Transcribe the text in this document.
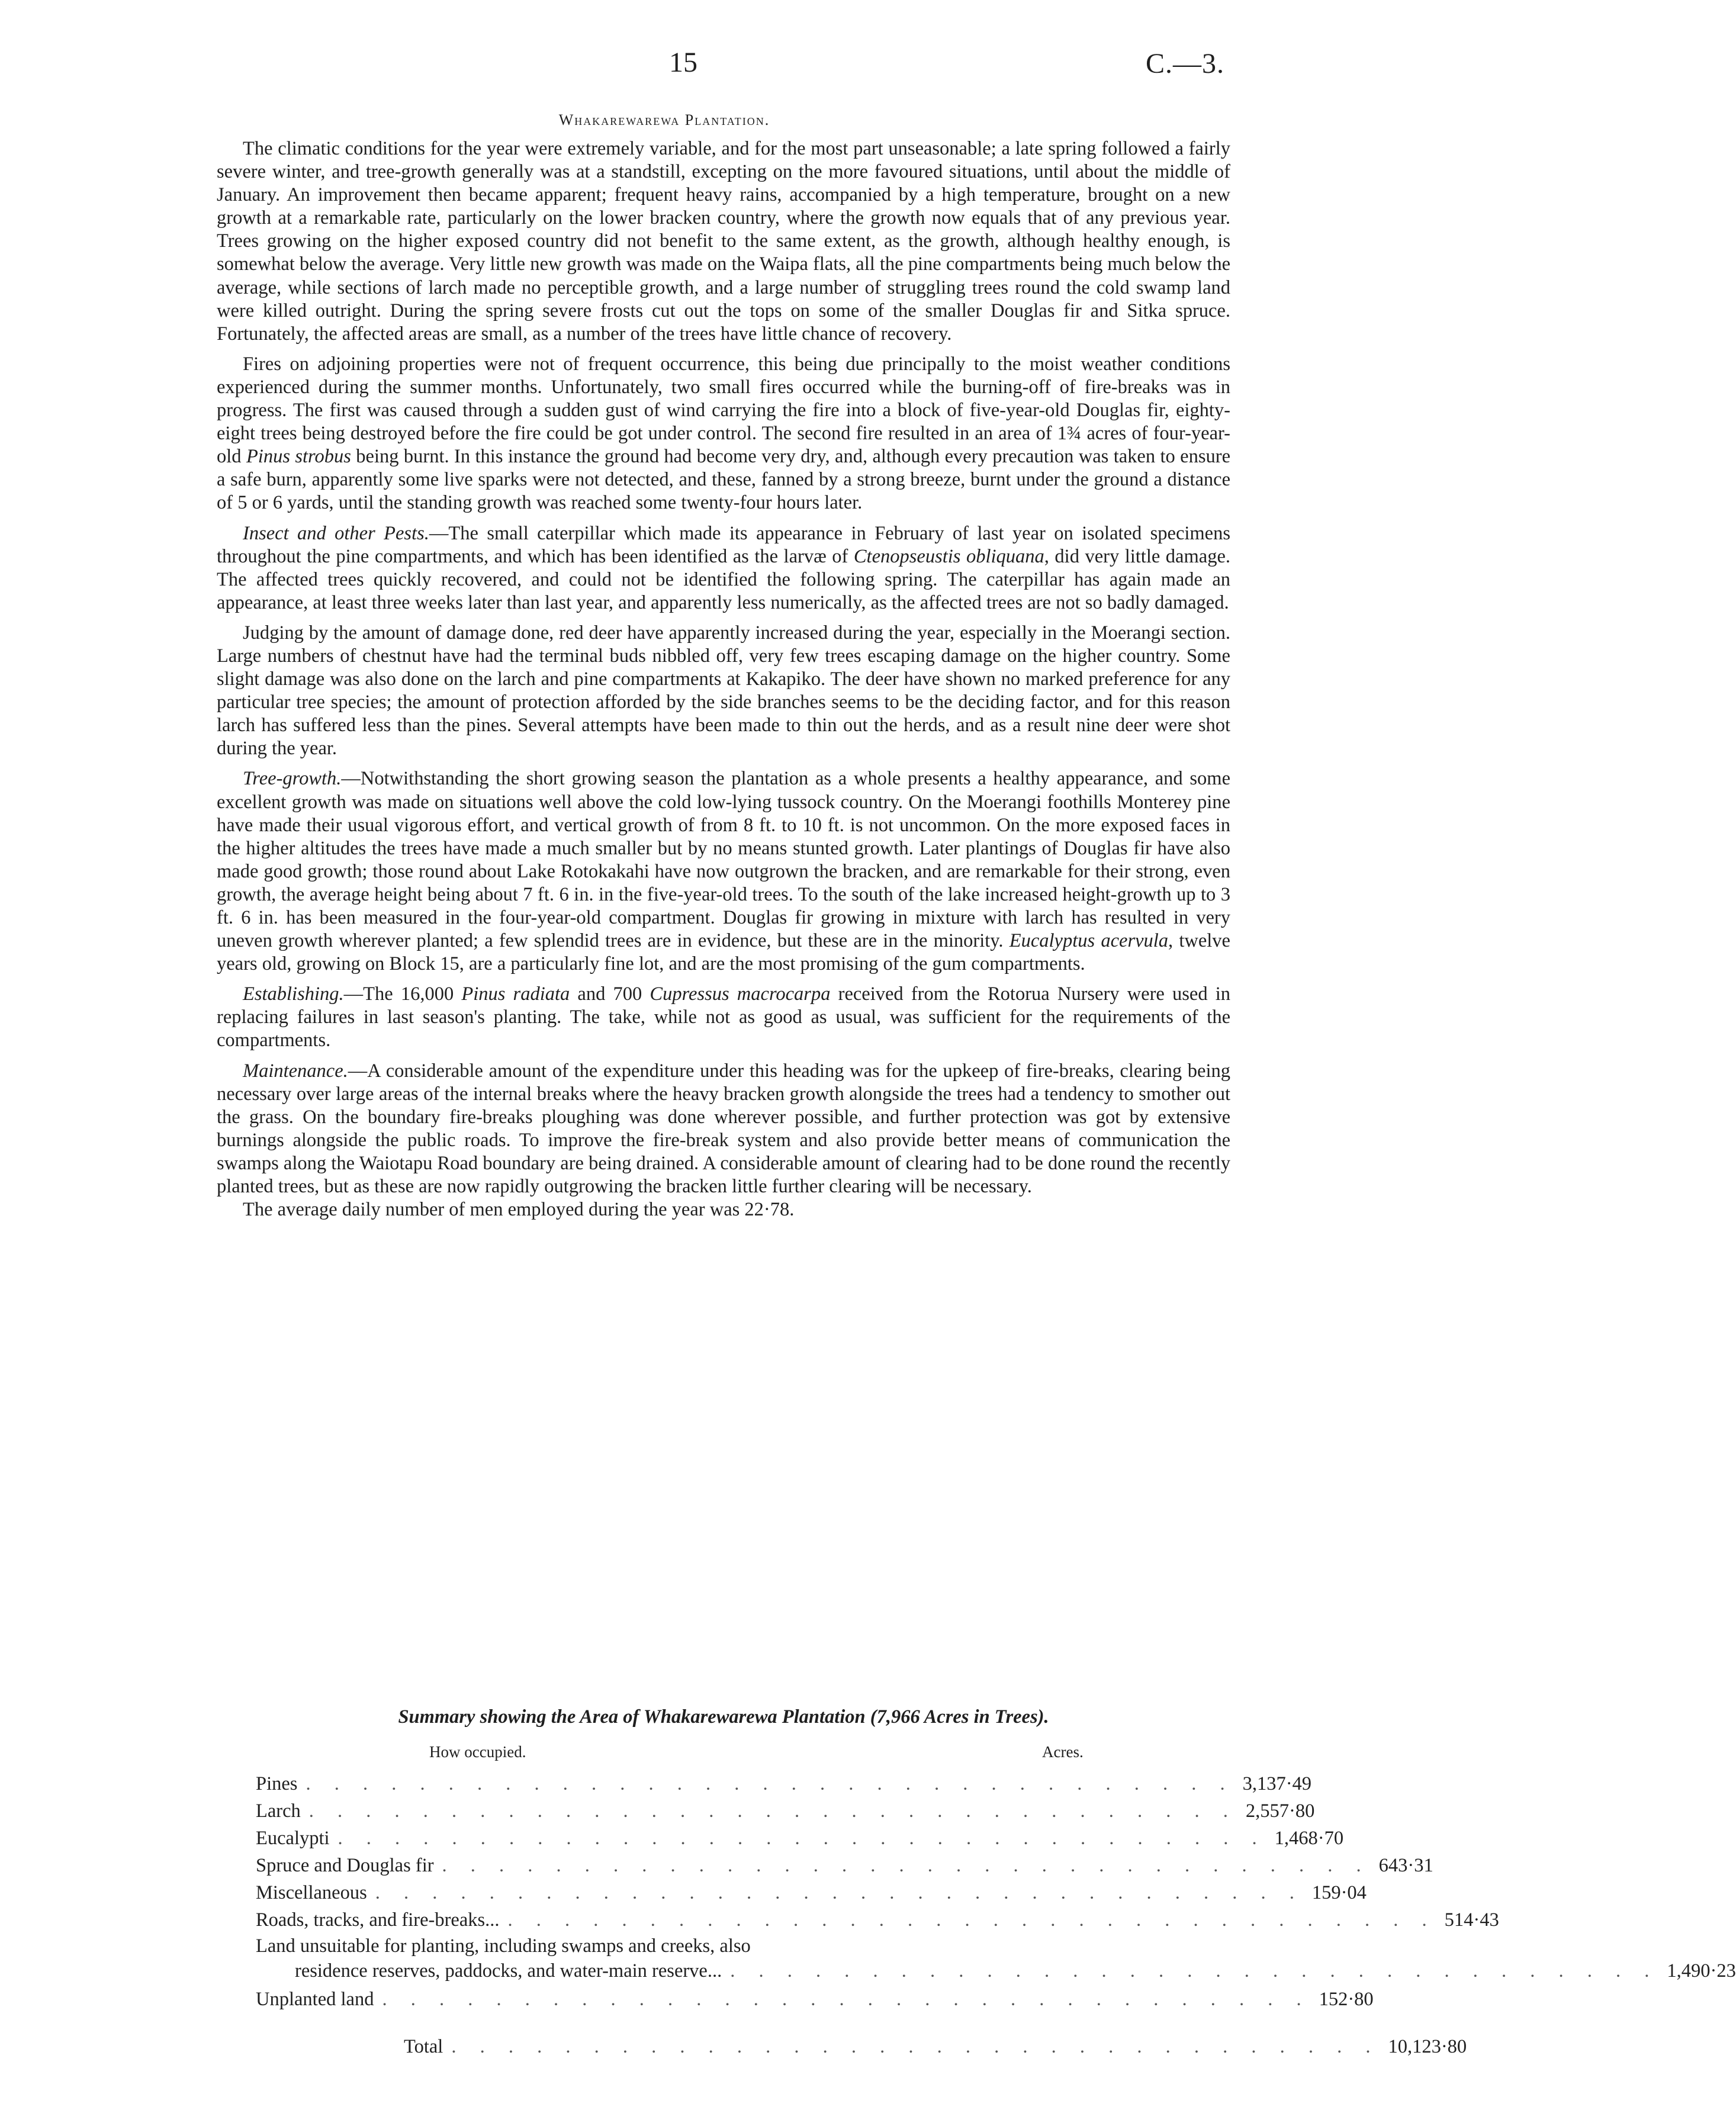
15	C.—3.
Whakarewarewa Plantation.

The climatic conditions for the year were extremely variable, and for the most part unseasonable; a late spring followed a fairly severe winter, and tree-growth generally was at a standstill, excepting on the more favoured situations, until about the middle of January. An improvement then became apparent; frequent heavy rains, accompanied by a high temperature, brought on a new growth at a remarkable rate, particularly on the lower bracken country, where the growth now equals that of any previous year. Trees growing on the higher exposed country did not benefit to the same extent, as the growth, although healthy enough, is somewhat below the average. Very little new growth was made on the Waipa flats, all the pine compartments being much below the average, while sections of larch made no perceptible growth, and a large number of struggling trees round the cold swamp land were killed outright. During the spring severe frosts cut out the tops on some of the smaller Douglas fir and Sitka spruce. Fortunately, the affected areas are small, as a number of the trees have little chance of recovery.

Fires on adjoining properties were not of frequent occurrence, this being due principally to the moist weather conditions experienced during the summer months. Unfortunately, two small fires occurred while the burning-off of fire-breaks was in progress. The first was caused through a sudden gust of wind carrying the fire into a block of five-year-old Douglas fir, eighty-eight trees being destroyed before the fire could be got under control. The second fire resulted in an area of 1¾ acres of four-year-old Pinus strobus being burnt. In this instance the ground had become very dry, and, although every precaution was taken to ensure a safe burn, apparently some live sparks were not detected, and these, fanned by a strong breeze, burnt under the ground a distance of 5 or 6 yards, until the standing growth was reached some twenty-four hours later.

Insect and other Pests.—The small caterpillar which made its appearance in February of last year on isolated specimens throughout the pine compartments, and which has been identified as the larvæ of Ctenopseustis obliquana, did very little damage. The affected trees quickly recovered, and could not be identified the following spring. The caterpillar has again made an appearance, at least three weeks later than last year, and apparently less numerically, as the affected trees are not so badly damaged.

Judging by the amount of damage done, red deer have apparently increased during the year, especially in the Moerangi section. Large numbers of chestnut have had the terminal buds nibbled off, very few trees escaping damage on the higher country. Some slight damage was also done on the larch and pine compartments at Kakapiko. The deer have shown no marked preference for any particular tree species; the amount of protection afforded by the side branches seems to be the deciding factor, and for this reason larch has suffered less than the pines. Several attempts have been made to thin out the herds, and as a result nine deer were shot during the year.

Tree-growth.—Notwithstanding the short growing season the plantation as a whole presents a healthy appearance, and some excellent growth was made on situations well above the cold low-lying tussock country. On the Moerangi foothills Monterey pine have made their usual vigorous effort, and vertical growth of from 8 ft. to 10 ft. is not uncommon. On the more exposed faces in the higher altitudes the trees have made a much smaller but by no means stunted growth. Later plantings of Douglas fir have also made good growth; those round about Lake Rotokakahi have now outgrown the bracken, and are remarkable for their strong, even growth, the average height being about 7 ft. 6 in. in the five-year-old trees. To the south of the lake increased height-growth up to 3 ft. 6 in. has been measured in the four-year-old compartment. Douglas fir growing in mixture with larch has resulted in very uneven growth wherever planted; a few splendid trees are in evidence, but these are in the minority. Eucalyptus acervula, twelve years old, growing on Block 15, are a particularly fine lot, and are the most promising of the gum compartments.

Establishing.—The 16,000 Pinus radiata and 700 Cupressus macrocarpa received from the Rotorua Nursery were used in replacing failures in last season's planting. The take, while not as good as usual, was sufficient for the requirements of the compartments.

Maintenance.—A considerable amount of the expenditure under this heading was for the upkeep of fire-breaks, clearing being necessary over large areas of the internal breaks where the heavy bracken growth alongside the trees had a tendency to smother out the grass. On the boundary fire-breaks ploughing was done wherever possible, and further protection was got by extensive burnings alongside the public roads. To improve the fire-break system and also provide better means of communication the swamps along the Waiotapu Road boundary are being drained. A considerable amount of clearing had to be done round the recently planted trees, but as these are now rapidly outgrowing the bracken little further clearing will be necessary.

The average daily number of men employed during the year was 22·78.

Summary showing the Area of Whakarewarewa Plantation (7,966 Acres in Trees).
How occupied.	Acres.
Pines . . . . . . . . . . . . . . . . . . . . . . . . . . . . . . . . . 3,137·49
Larch . . . . . . . . . . . . . . . . . . . . . . . . . . . . . . . . . 2,557·80
Eucalypti . . . . . . . . . . . . . . . . . . . . . . . . . . . . . . . . . 1,468·70
Spruce and Douglas fir . . . . . . . . . . . . . . . . . . . . . . . . . . . . . . . . . 643·31
Miscellaneous . . . . . . . . . . . . . . . . . . . . . . . . . . . . . . . . . 159·04
Roads, tracks, and fire-breaks... . . . . . . . . . . . . . . . . . . . . . . . . . . . . . . . . . 514·43
Land unsuitable for planting, including swamps and creeks, also
residence reserves, paddocks, and water-main reserve... . . . . . . . . . . . . . . . . . . . . . . . . . . . . . . . . . 1,490·23
Unplanted land . . . . . . . . . . . . . . . . . . . . . . . . . . . . . . . . . 152·80
Total . . . . . . . . . . . . . . . . . . . . . . . . . . . . . . . . . 10,123·80
